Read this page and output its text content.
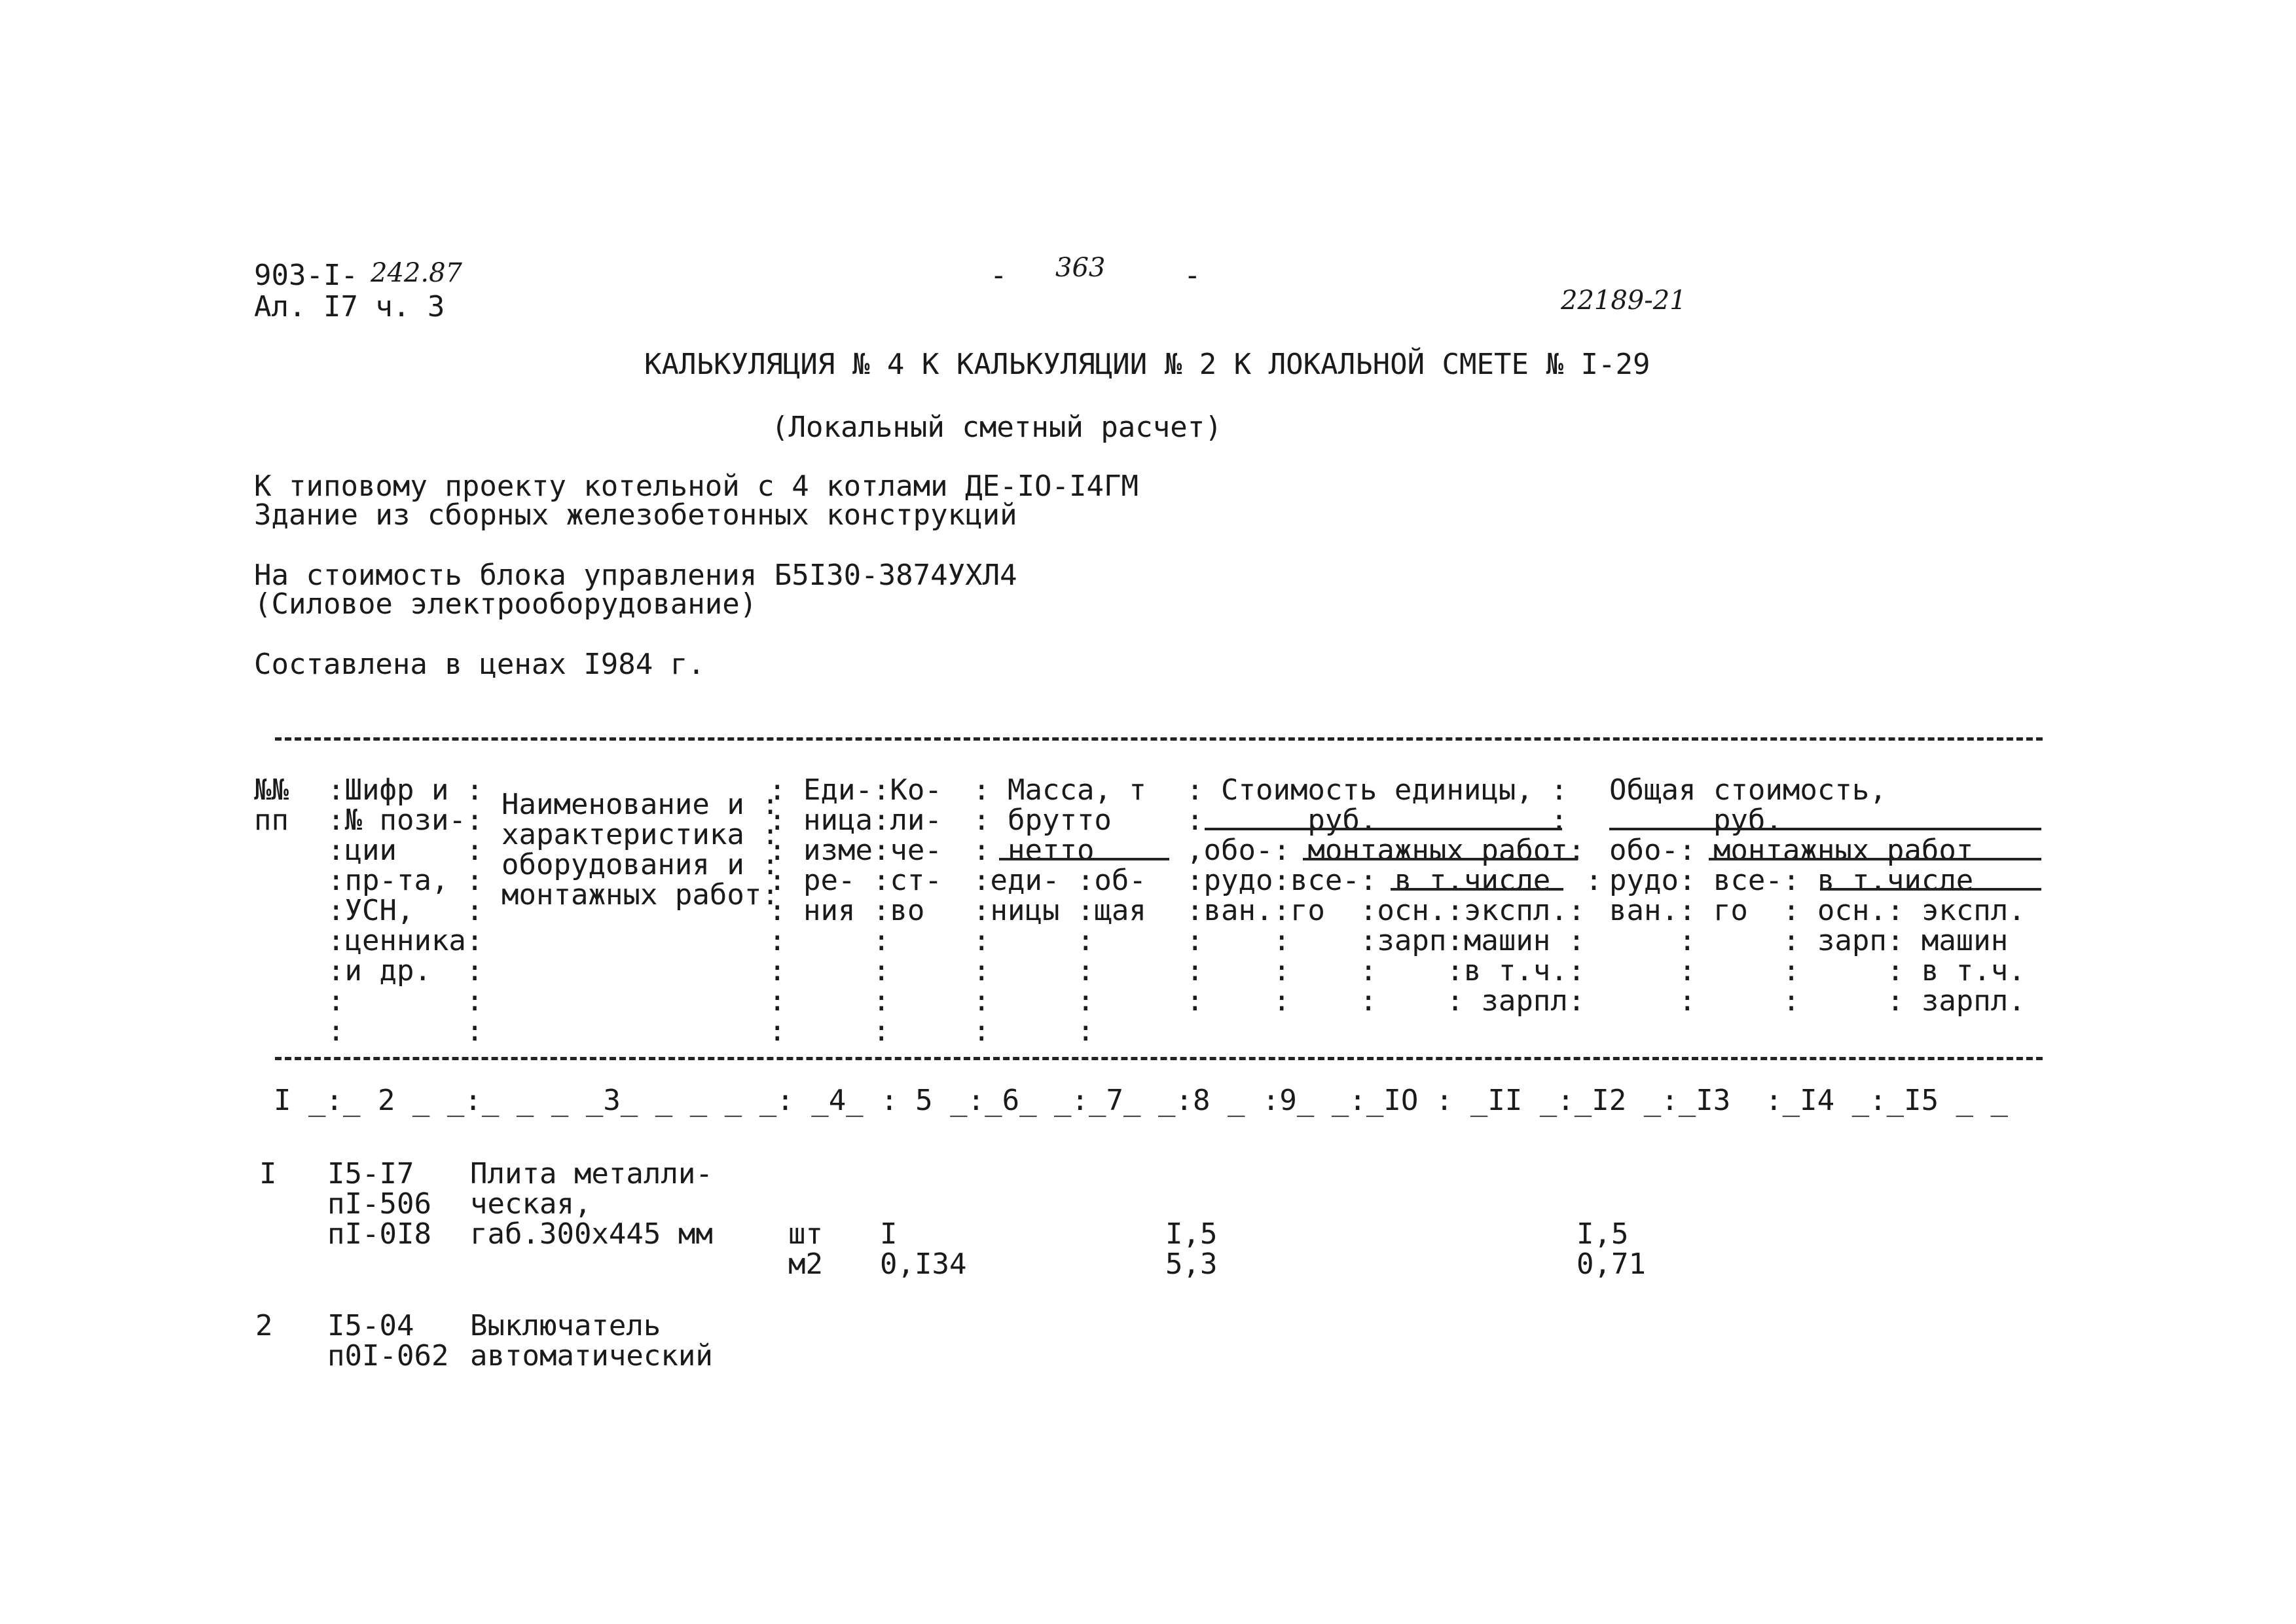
903-I- 242.87
Ал. I7 ч. 3
- 363	-
22189-21
КАЛЬКУЛЯЦИЯ № 4 К КАЛЬКУЛЯЦИИ № 2 К ЛОКАЛЬНОЙ СМЕТЕ № I-29
(Локальный сметный расчет)
К типовому проекту котельной с 4 котлами ДЕ-IO-I4ГМ
Здание из сборных железобетонных конструкций
На стоимость блока управления Б5I30-3874УХЛ4
(Силовое электрооборудование)
Составлена в ценах I984 г.
№№
пп
:Шифр и :
:№ пози-:
:ции    :
:пр-та, :
:УСН,   :
:ценника:
:и др.  :
:       :
:       :
Наименование и :
характеристика :
оборудования и :
монтажных работ:
: Еди-:Ко-
: ница:ли-
: изме:че-
: ре- :ст-
: ния :во
:     :
:     :
:     :
:     :
: Масса, т
: брутто
: нетто
:еди- :об-
:ницы :щая
:     :
:     :
:     :
:     :
: Стоимость единицы, :
:      руб.          :
,обо-: монтажных работ:
:рудо:все-: в т.числе  :
:ван.:го  :осн.:экспл.:
:    :    :зарп:машин :
:    :    :    :в т.ч.:
:    :    :    : зарпл:
Общая стоимость,
руб.
обо-: монтажных работ
рудо: все-: в т.числе
ван.: го  : осн.: экспл.
:     : зарп: машин
:     :     : в т.ч.
:     :     : зарпл.
I _:_ 2 _ _:_ _ _ _3_ _ _ _ _: _4_ : 5 _:_6_ _:_7_ _:8 _ :9_ _:_IO : _II _:_I2 _:_I3  :_I4 _:_I5 _ _
I I5-I7
пI-506
пI-0I8
Плита металли-
ческая,
габ.300х445 мм	шт
м2
I
0,I34
I,5
5,3
I,5
0,71
2 I5-04
п0I-062
Выключатель
автоматический
